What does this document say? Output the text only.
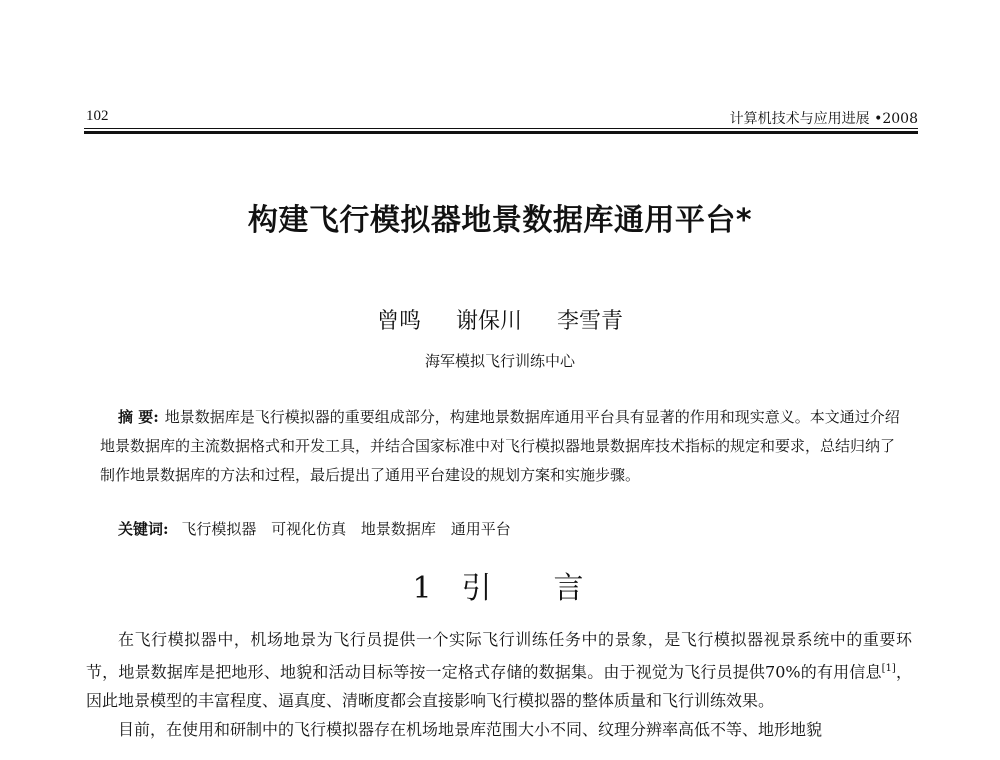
102	计算机技术与应用进展 •2008
构建飞行模拟器地景数据库通用平台*
曾鸣 谢保川 李雪青
海军模拟飞行训练中心
摘 要: 地景数据库是飞行模拟器的重要组成部分，构建地景数据库通用平台具有显著的作用和现实意义。本文通过介绍地景数据库的主流数据格式和开发工具，并结合国家标准中对飞行模拟器地景数据库技术指标的规定和要求，总结归纳了制作地景数据库的方法和过程，最后提出了通用平台建设的规划方案和实施步骤。
关键词: 飞行模拟器 可视化仿真 地景数据库 通用平台
1 引 言

在飞行模拟器中，机场地景为飞行员提供一个实际飞行训练任务中的景象，是飞行模拟器视景系统中的重要环节，地景数据库是把地形、地貌和活动目标等按一定格式存储的数据集。由于视觉为飞行员提供70%的有用信息[1]，因此地景模型的丰富程度、逼真度、清晰度都会直接影响飞行模拟器的整体质量和飞行训练效果。

目前，在使用和研制中的飞行模拟器存在机场地景库范围大小不同、纹理分辨率高低不等、地形地貌
